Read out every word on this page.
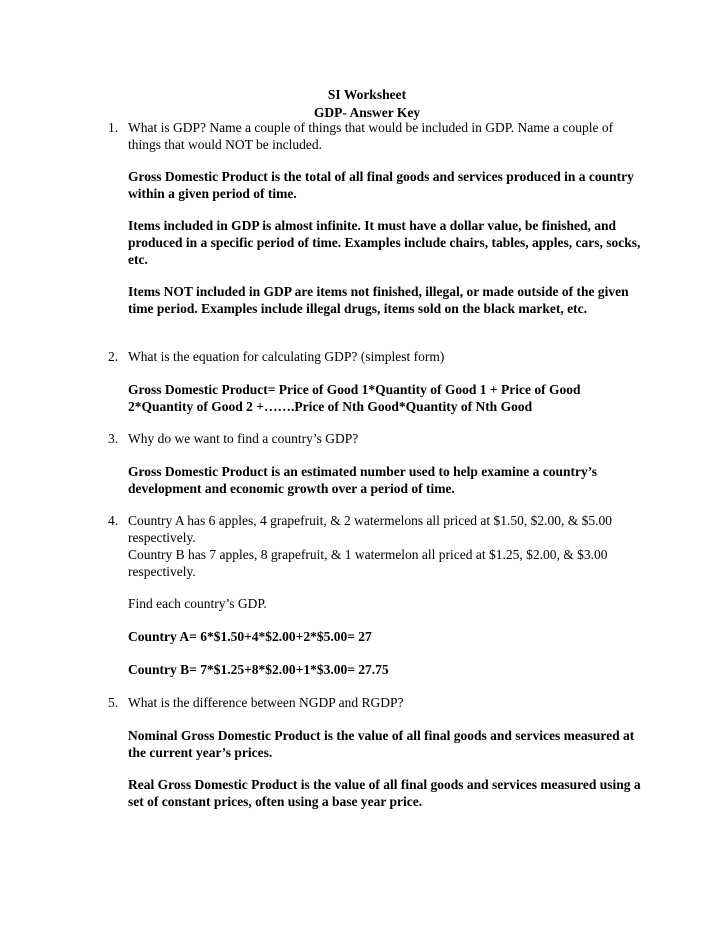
SI Worksheet
GDP- Answer Key
1. What is GDP? Name a couple of things that would be included in GDP. Name a couple of things that would NOT be included.
Gross Domestic Product is the total of all final goods and services produced in a country within a given period of time.
Items included in GDP is almost infinite. It must have a dollar value, be finished, and produced in a specific period of time. Examples include chairs, tables, apples, cars, socks, etc.
Items NOT included in GDP are items not finished, illegal, or made outside of the given time period. Examples include illegal drugs, items sold on the black market, etc.
2. What is the equation for calculating GDP? (simplest form)
Gross Domestic Product= Price of Good 1*Quantity of Good 1 + Price of Good 2*Quantity of Good 2 +…….Price of Nth Good*Quantity of Nth Good
3. Why do we want to find a country’s GDP?
Gross Domestic Product is an estimated number used to help examine a country’s development and economic growth over a period of time.
4. Country A has 6 apples, 4 grapefruit, & 2 watermelons all priced at $1.50, $2.00, & $5.00 respectively.
Country B has 7 apples, 8 grapefruit, & 1 watermelon all priced at $1.25, $2.00, & $3.00 respectively.
Find each country’s GDP.
Country A= 6*$1.50+4*$2.00+2*$5.00= 27
Country B= 7*$1.25+8*$2.00+1*$3.00= 27.75
5. What is the difference between NGDP and RGDP?
Nominal Gross Domestic Product is the value of all final goods and services measured at the current year’s prices.
Real Gross Domestic Product is the value of all final goods and services measured using a set of constant prices, often using a base year price.
